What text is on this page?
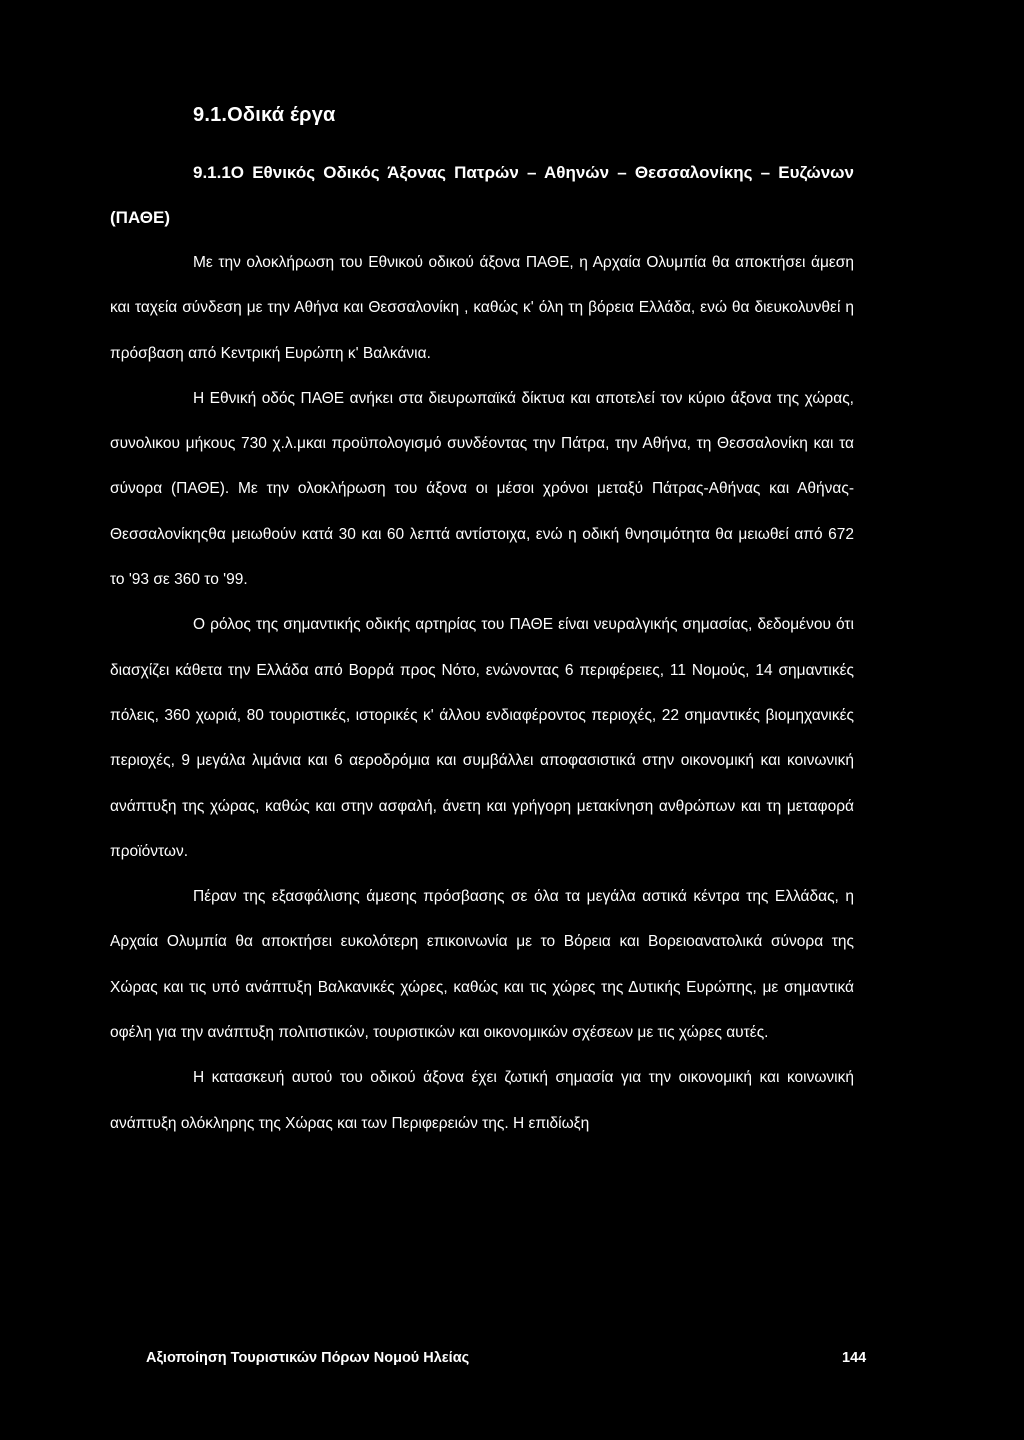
9.1.Οδικά έργα

9.1.1Ο Εθνικός Οδικός Άξονας Πατρών – Αθηνών – Θεσσαλονίκης – Ευζώνων (ΠΑΘΕ)

Με την ολοκλήρωση του Εθνικού οδικού άξονα ΠΑΘΕ, η Αρχαία Ολυμπία θα αποκτήσει άμεση και ταχεία σύνδεση με την Αθήνα και Θεσσαλονίκη , καθώς κ' όλη τη βόρεια Ελλάδα, ενώ θα διευκολυνθεί η πρόσβαση από Κεντρική Ευρώπη κ' Βαλκάνια.

Η Εθνική οδός ΠΑΘΕ ανήκει στα διευρωπαϊκά δίκτυα και αποτελεί τον κύριο άξονα της χώρας, συνολικου μήκους 730 χ.λ.μκαι προϋπολογισμό συνδέοντας την Πάτρα, την Αθήνα, τη Θεσσαλονίκη και τα σύνορα (ΠΑΘΕ). Με την ολοκλήρωση του άξονα οι μέσοι χρόνοι μεταξύ Πάτρας-Αθήνας και Αθήνας-Θεσσαλονίκηςθα μειωθούν κατά 30 και 60 λεπτά αντίστοιχα, ενώ η οδική θνησιμότητα θα μειωθεί από 672 το '93 σε 360 το '99.

Ο ρόλος της σημαντικής οδικής αρτηρίας του ΠΑΘΕ είναι νευραλγικής σημασίας, δεδομένου ότι διασχίζει κάθετα την Ελλάδα από Βορρά προς Νότο, ενώνοντας 6 περιφέρειες, 11 Νομούς, 14 σημαντικές πόλεις, 360 χωριά, 80 τουριστικές, ιστορικές κ' άλλου ενδιαφέροντος περιοχές, 22 σημαντικές βιομηχανικές περιοχές, 9 μεγάλα λιμάνια και 6 αεροδρόμια και συμβάλλει αποφασιστικά στην οικονομική και κοινωνική ανάπτυξη της χώρας, καθώς και στην ασφαλή, άνετη και γρήγορη μετακίνηση ανθρώπων και τη μεταφορά προϊόντων.

Πέραν της εξασφάλισης άμεσης πρόσβασης σε όλα τα μεγάλα αστικά κέντρα της Ελλάδας, η Αρχαία Ολυμπία θα αποκτήσει ευκολότερη επικοινωνία με το Βόρεια και Βορειοανατολικά σύνορα της Χώρας και τις υπό ανάπτυξη Βαλκανικές χώρες, καθώς και τις χώρες της Δυτικής Ευρώπης, με σημαντικά οφέλη για την ανάπτυξη πολιτιστικών, τουριστικών και οικονομικών σχέσεων με τις χώρες αυτές.

Η κατασκευή αυτού του οδικού άξονα έχει ζωτική σημασία για την οικονομική και κοινωνική ανάπτυξη ολόκληρης της Χώρας και των Περιφερειών της. Η επιδίωξη

Αξιοποίηση Τουριστικών Πόρων Νομού Ηλείας	144
